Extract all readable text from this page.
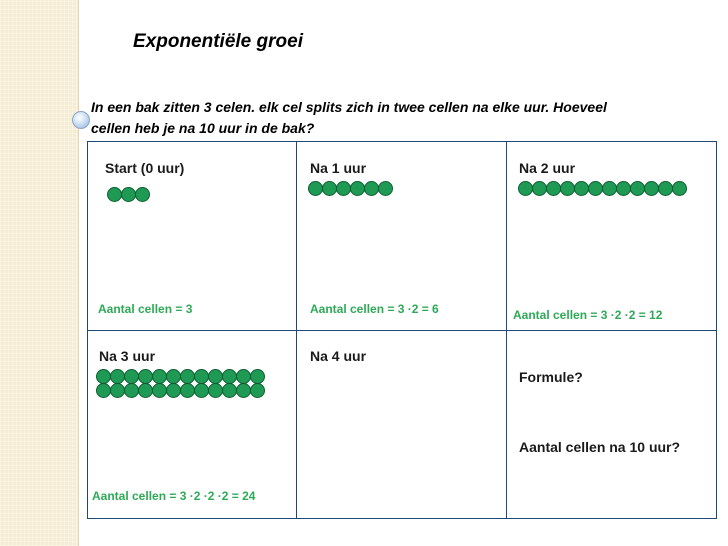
Exponentiële groei

In een bak zitten 3 celen. elk cel splits zich in twee cellen na elke uur. Hoeveel cellen heb je na 10 uur in de bak?

Start (0 uur)
Aantal cellen = 3
Na 1 uur
Aantal cellen = 3 ·2 = 6
Na 2 uur
Aantal cellen = 3 ·2 ·2 = 12
Na 3 uur
Aantal cellen = 3 ·2 ·2 ·2 = 24
Na 4 uur
Formule?
Aantal cellen na 10 uur?
